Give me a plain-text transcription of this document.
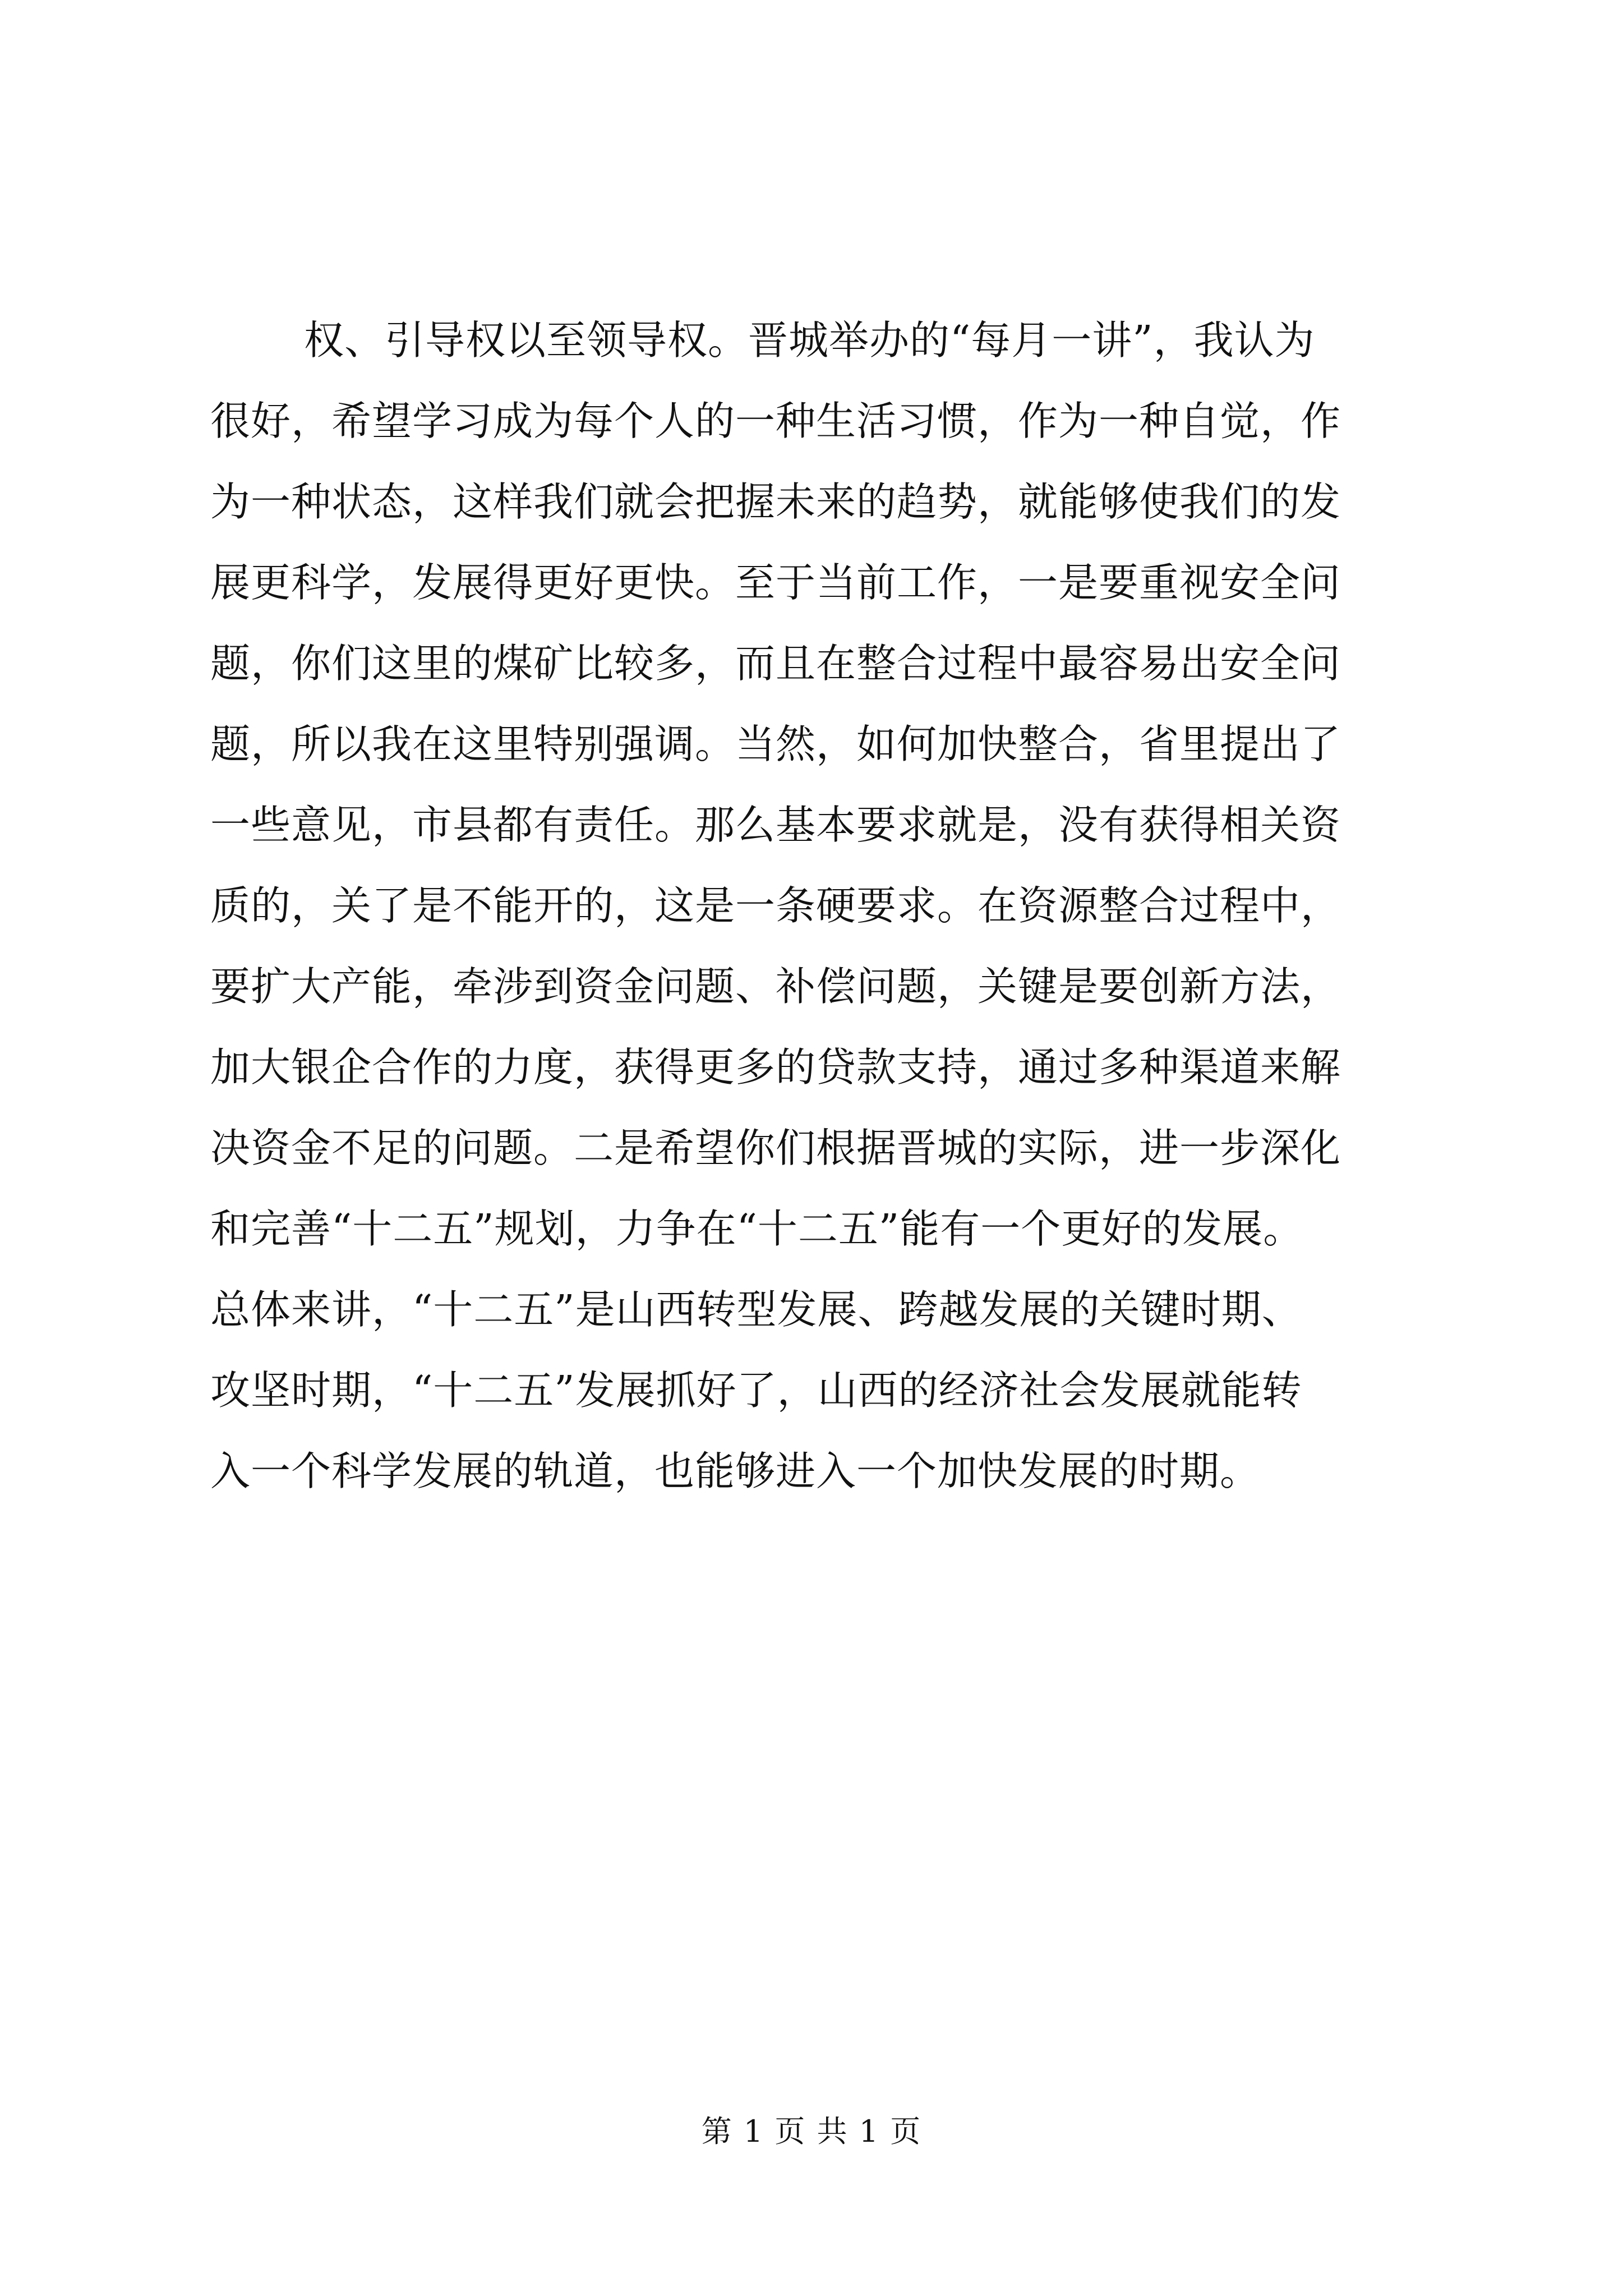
权、引导权以至领导权。晋城举办的“每月一讲”，我认为
很好，希望学习成为每个人的一种生活习惯，作为一种自觉，作
为一种状态，这样我们就会把握未来的趋势，就能够使我们的发
展更科学，发展得更好更快。至于当前工作，一是要重视安全问
题，你们这里的煤矿比较多，而且在整合过程中最容易出安全问
题，所以我在这里特别强调。当然，如何加快整合，省里提出了
一些意见，市县都有责任。那么基本要求就是，没有获得相关资
质的，关了是不能开的，这是一条硬要求。在资源整合过程中，
要扩大产能，牵涉到资金问题、补偿问题，关键是要创新方法，
加大银企合作的力度，获得更多的贷款支持，通过多种渠道来解
决资金不足的问题。二是希望你们根据晋城的实际，进一步深化
和完善“十二五”规划，力争在“十二五”能有一个更好的发展。
总体来讲，“十二五”是山西转型发展、跨越发展的关键时期、
攻坚时期，“十二五”发展抓好了，山西的经济社会发展就能转
入一个科学发展的轨道，也能够进入一个加快发展的时期。
第 1 页 共 1 页
